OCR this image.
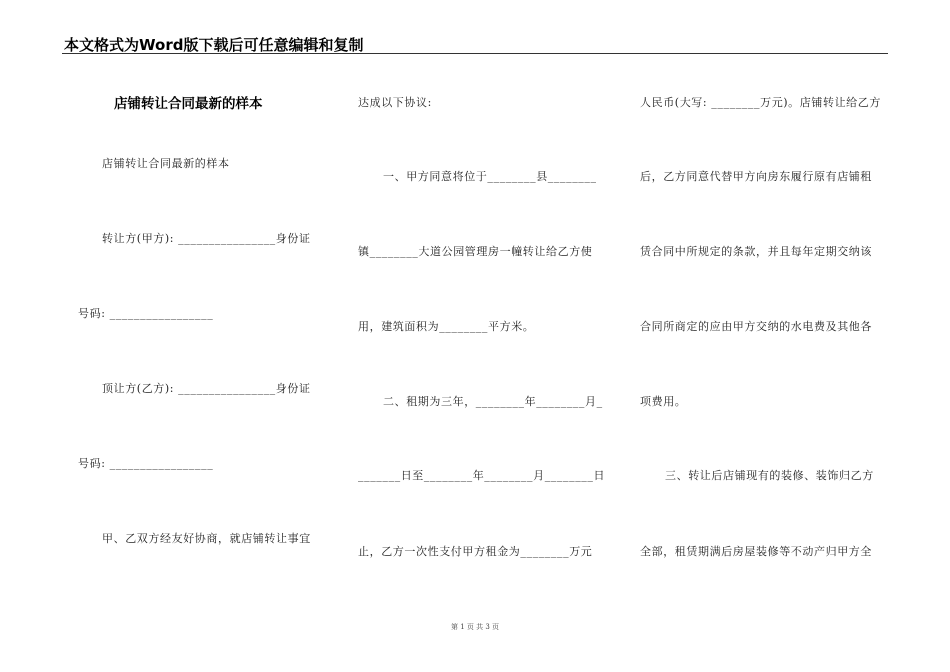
本文格式为Word版下载后可任意编辑和复制
店铺转让合同最新的样本
店铺转让合同最新的样本
转让方(甲方): ________________身份证
号码: _________________
顶让方(乙方): ________________身份证
号码: _________________
甲、乙双方经友好协商，就店铺转让事宜
达成以下协议:
一、甲方同意将位于________县________
镇________大道公园管理房一幢转让给乙方使
用，建筑面积为________平方米。
二、租期为三年，________年________月_
_______日至________年________月________日
止，乙方一次性支付甲方租金为________万元
人民币(大写: ________万元)。店铺转让给乙方
后，乙方同意代替甲方向房东履行原有店铺租
赁合同中所规定的条款，并且每年定期交纳该
合同所商定的应由甲方交纳的水电费及其他各
项费用。
三、转让后店铺现有的装修、装饰归乙方
全部，租赁期满后房屋装修等不动产归甲方全
第 1 页 共 3 页
